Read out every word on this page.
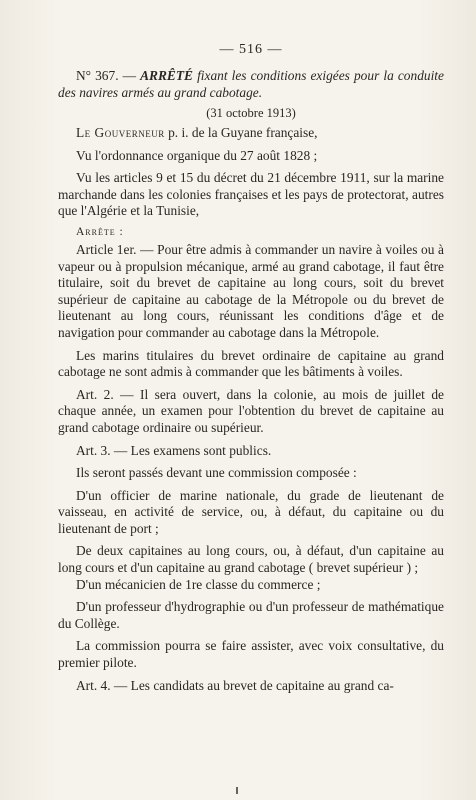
— 516 —

N° 367. — ARRÊTÉ fixant les conditions exigées pour la conduite des navires armés au grand cabotage.

(31 octobre 1913)

Le Gouverneur p. i. de la Guyane française,

Vu l'ordonnance organique du 27 août 1828 ;

Vu les articles 9 et 15 du décret du 21 décembre 1911, sur la marine marchande dans les colonies françaises et les pays de protectorat, autres que l'Algérie et la Tunisie,

Arrête :

Article 1er. — Pour être admis à commander un navire à voiles ou à vapeur ou à propulsion mécanique, armé au grand cabotage, il faut être titulaire, soit du brevet de capitaine au long cours, soit du brevet supérieur de capitaine au cabotage de la Métropole ou du brevet de lieutenant au long cours, réunissant les conditions d'âge et de navigation pour commander au cabotage dans la Métropole.

Les marins titulaires du brevet ordinaire de capitaine au grand cabotage ne sont admis à commander que les bâtiments à voiles.

Art. 2. — Il sera ouvert, dans la colonie, au mois de juillet de chaque année, un examen pour l'obtention du brevet de capitaine au grand cabotage ordinaire ou supérieur.

Art. 3. — Les examens sont publics.

Ils seront passés devant une commission composée :

D'un officier de marine nationale, du grade de lieutenant de vaisseau, en activité de service, ou, à défaut, du capitaine ou du lieutenant de port ;

De deux capitaines au long cours, ou, à défaut, d'un capitaine au long cours et d'un capitaine au grand cabotage ( brevet supérieur ) ;

D'un mécanicien de 1re classe du commerce ;

D'un professeur d'hydrographie ou d'un professeur de mathématique du Collège.

La commission pourra se faire assister, avec voix consultative, du premier pilote.

Art. 4. — Les candidats au brevet de capitaine au grand ca-
